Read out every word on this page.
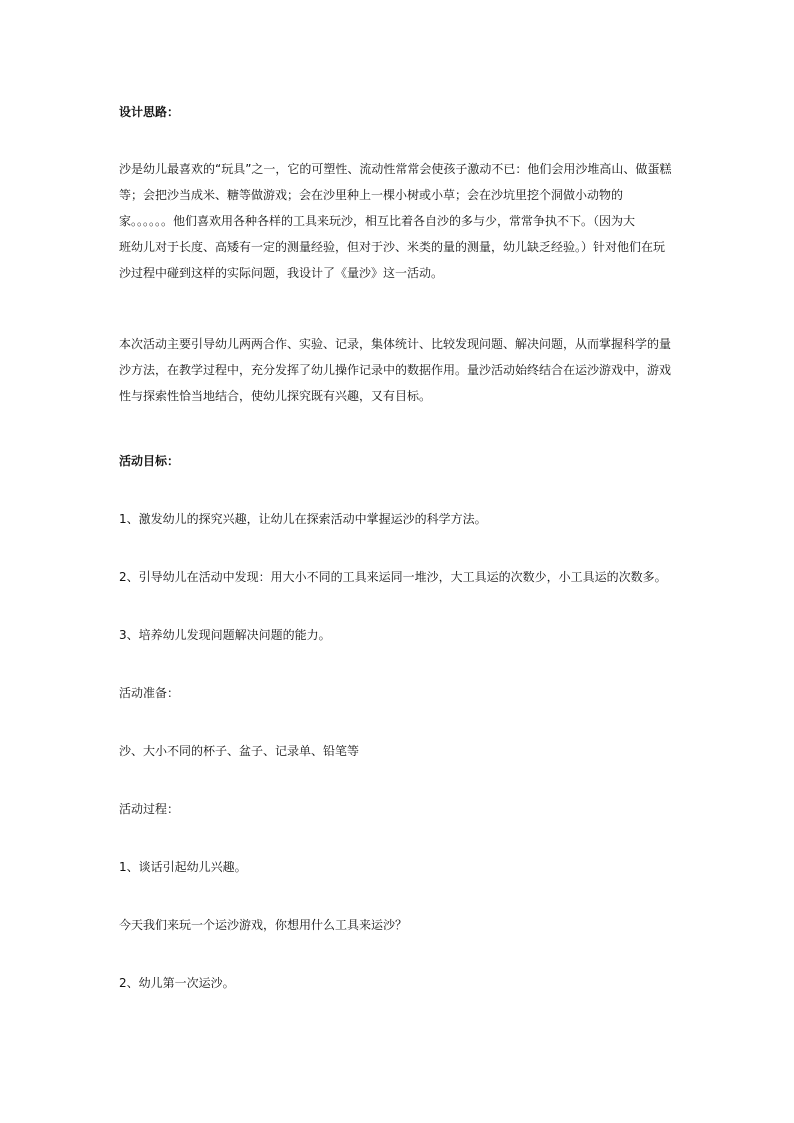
设计思路：
沙是幼儿最喜欢的“玩具”之一，它的可塑性、流动性常常会使孩子激动不已：他们会用沙堆高山、做蛋糕
等；会把沙当成米、糖等做游戏；会在沙里种上一棵小树或小草；会在沙坑里挖个洞做小动物的
家。。。。。。他们喜欢用各种各样的工具来玩沙，相互比着各自沙的多与少，常常争执不下。（因为大
班幼儿对于长度、高矮有一定的测量经验，但对于沙、米类的量的测量，幼儿缺乏经验。）针对他们在玩
沙过程中碰到这样的实际问题，我设计了《量沙》这一活动。
本次活动主要引导幼儿两两合作、实验、记录，集体统计、比较发现问题、解决问题，从而掌握科学的量
沙方法，在教学过程中，充分发挥了幼儿操作记录中的数据作用。量沙活动始终结合在运沙游戏中，游戏
性与探索性恰当地结合，使幼儿探究既有兴趣，又有目标。
活动目标：
1、激发幼儿的探究兴趣，让幼儿在探索活动中掌握运沙的科学方法。
2、引导幼儿在活动中发现：用大小不同的工具来运同一堆沙，大工具运的次数少，小工具运的次数多。
3、培养幼儿发现问题解决问题的能力。
活动准备：
沙、大小不同的杯子、盆子、记录单、铅笔等
活动过程：
1、谈话引起幼儿兴趣。
今天我们来玩一个运沙游戏，你想用什么工具来运沙？
2、幼儿第一次运沙。
